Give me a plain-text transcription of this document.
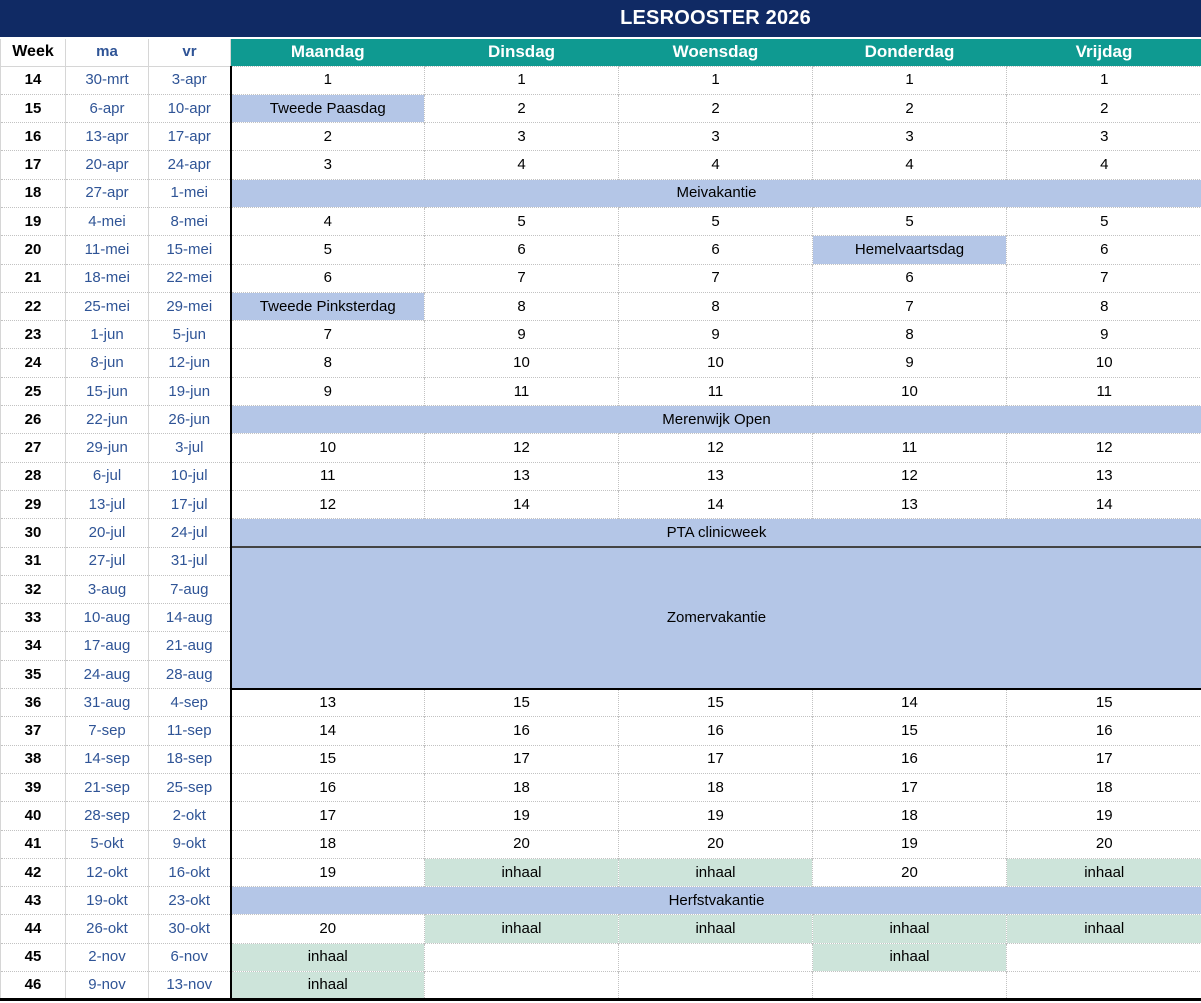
LESROOSTER 2026
Week	ma	vr	Maandag	Dinsdag	Woensdag	Donderdag	Vrijdag
14	30-mrt	3-apr	1	1	1	1	1
15	6-apr	10-apr	Tweede Paasdag	2	2	2	2
16	13-apr	17-apr	2	3	3	3	3
17	20-apr	24-apr	3	4	4	4	4
18	27-apr	1-mei	Meivakantie				
19	4-mei	8-mei	4	5	5	5	5
20	11-mei	15-mei	5	6	6	Hemelvaartsdag	6
21	18-mei	22-mei	6	7	7	6	7
22	25-mei	29-mei	Tweede Pinksterdag	8	8	7	8
23	1-jun	5-jun	7	9	9	8	9
24	8-jun	12-jun	8	10	10	9	10
25	15-jun	19-jun	9	11	11	10	11
26	22-jun	26-jun	Merenwijk Open				
27	29-jun	3-jul	10	12	12	11	12
28	6-jul	10-jul	11	13	13	12	13
29	13-jul	17-jul	12	14	14	13	14
30	20-jul	24-jul	PTA clinicweek				
31	27-jul	31-jul	Zomervakantie				
32	3-aug	7-aug					
33	10-aug	14-aug					
34	17-aug	21-aug					
35	24-aug	28-aug					
36	31-aug	4-sep	13	15	15	14	15
37	7-sep	11-sep	14	16	16	15	16
38	14-sep	18-sep	15	17	17	16	17
39	21-sep	25-sep	16	18	18	17	18
40	28-sep	2-okt	17	19	19	18	19
41	5-okt	9-okt	18	20	20	19	20
42	12-okt	16-okt	19	inhaal	inhaal	20	inhaal
43	19-okt	23-okt	Herfstvakantie				
44	26-okt	30-okt	20	inhaal	inhaal	inhaal	inhaal
45	2-nov	6-nov	inhaal			inhaal	
46	9-nov	13-nov	inhaal				
